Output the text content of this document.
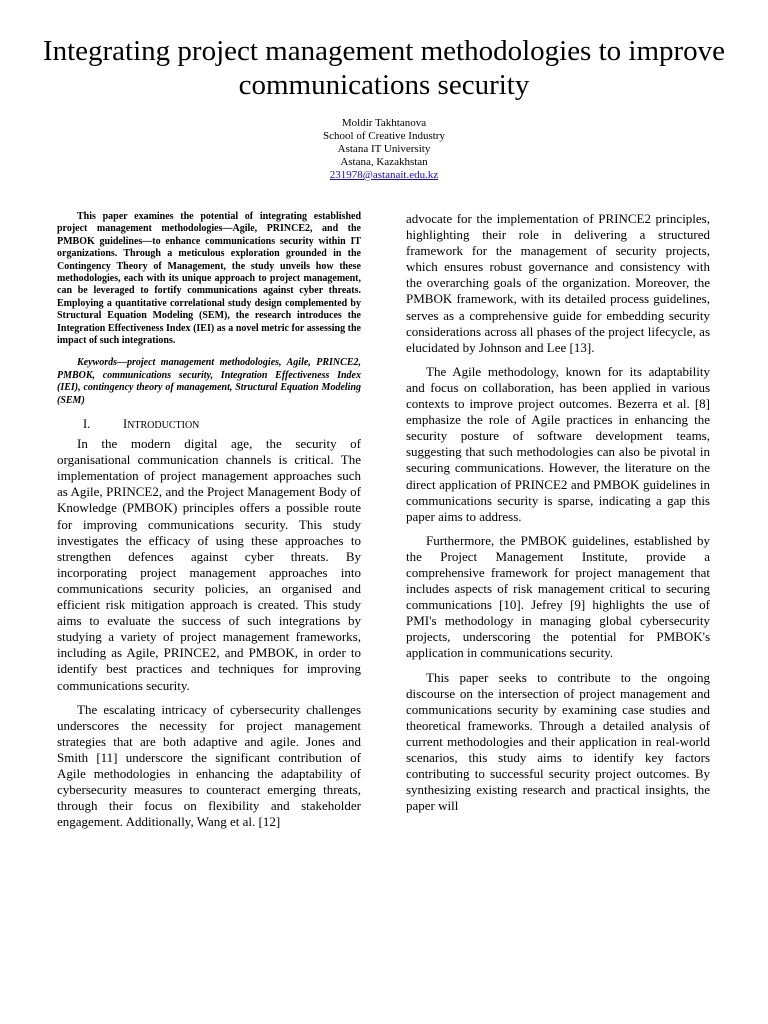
Integrating project management methodologies to improve communications security
Moldir Takhtanova
School of Creative Industry
Astana IT University
Astana, Kazakhstan
231978@astanait.edu.kz

This paper examines the potential of integrating established project management methodologies—Agile, PRINCE2, and the PMBOK guidelines—to enhance communications security within IT organizations. Through a meticulous exploration grounded in the Contingency Theory of Management, the study unveils how these methodologies, each with its unique approach to project management, can be leveraged to fortify communications against cyber threats. Employing a quantitative correlational study design complemented by Structural Equation Modeling (SEM), the research introduces the Integration Effectiveness Index (IEI) as a novel metric for assessing the impact of such integrations.

Keywords—project management methodologies, Agile, PRINCE2, PMBOK, communications security, Integration Effectiveness Index (IEI), contingency theory of management, Structural Equation Modeling (SEM)

I.	INTRODUCTION

In the modern digital age, the security of organisational communication channels is critical. The implementation of project management approaches such as Agile, PRINCE2, and the Project Management Body of Knowledge (PMBOK) principles offers a possible route for improving communications security. This study investigates the efficacy of using these approaches to strengthen defences against cyber threats. By incorporating project management approaches into communications security policies, an organised and efficient risk mitigation approach is created. This study aims to evaluate the success of such integrations by studying a variety of project management frameworks, including as Agile, PRINCE2, and PMBOK, in order to identify best practices and techniques for improving communications security.

The escalating intricacy of cybersecurity challenges underscores the necessity for project management strategies that are both adaptive and agile. Jones and Smith [11] underscore the significant contribution of Agile methodologies in enhancing the adaptability of cybersecurity measures to counteract emerging threats, through their focus on flexibility and stakeholder engagement. Additionally, Wang et al. [12]

advocate for the implementation of PRINCE2 principles, highlighting their role in delivering a structured framework for the management of security projects, which ensures robust governance and consistency with the overarching goals of the organization. Moreover, the PMBOK framework, with its detailed process guidelines, serves as a comprehensive guide for embedding security considerations across all phases of the project lifecycle, as elucidated by Johnson and Lee [13].

The Agile methodology, known for its adaptability and focus on collaboration, has been applied in various contexts to improve project outcomes. Bezerra et al. [8] emphasize the role of Agile practices in enhancing the security posture of software development teams, suggesting that such methodologies can also be pivotal in securing communications. However, the literature on the direct application of PRINCE2 and PMBOK guidelines in communications security is sparse, indicating a gap this paper aims to address.

Furthermore, the PMBOK guidelines, established by the Project Management Institute, provide a comprehensive framework for project management that includes aspects of risk management critical to securing communications [10]. Jefrey [9] highlights the use of PMI's methodology in managing global cybersecurity projects, underscoring the potential for PMBOK's application in communications security.

This paper seeks to contribute to the ongoing discourse on the intersection of project management and communications security by examining case studies and theoretical frameworks. Through a detailed analysis of current methodologies and their application in real-world scenarios, this study aims to identify key factors contributing to successful security project outcomes. By synthesizing existing research and practical insights, the paper will
